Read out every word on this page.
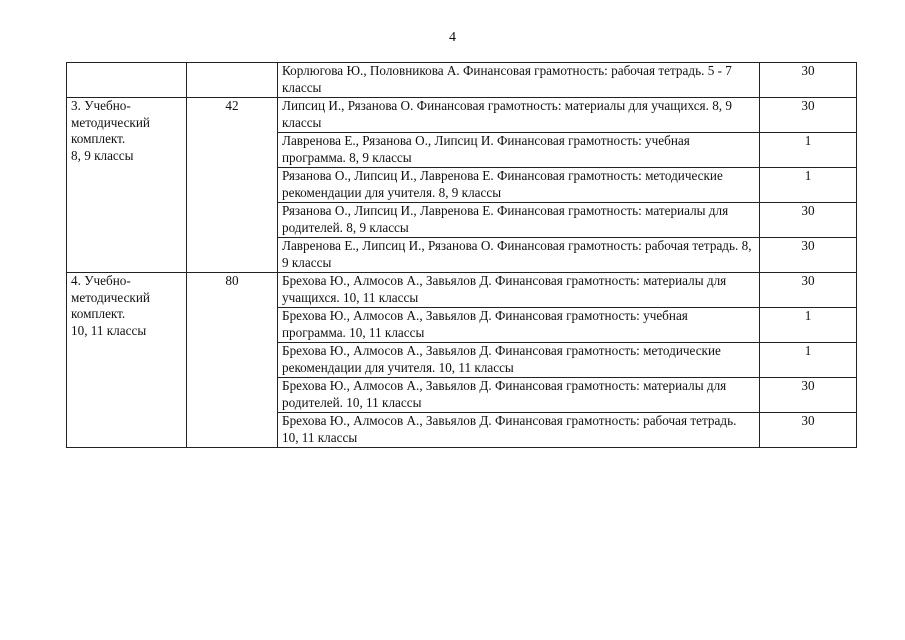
4

		Корлюгова Ю., Половникова А. Финансовая грамотность: рабочая тетрадь. 5 - 7 классы	30
3. Учебно-
методический
комплект.
8, 9 классы	42	Липсиц И., Рязанова О. Финансовая грамотность: материалы для учащихся. 8, 9 классы	30

		Лавренова Е., Рязанова О., Липсиц И. Финансовая грамотность: учебная программа. 8, 9 классы	1

		Рязанова О., Липсиц И., Лавренова Е. Финансовая грамотность: методические рекомендации для учителя. 8, 9 классы	1

		Рязанова О., Липсиц И., Лавренова Е. Финансовая грамотность: материалы для родителей. 8, 9 классы	30

		Лавренова Е., Липсиц И., Рязанова О. Финансовая грамотность: рабочая тетрадь. 8, 9 классы	30
4. Учебно-
методический
комплект.
10, 11 классы	80	Брехова Ю., Алмосов А., Завьялов Д. Финансовая грамотность: материалы для учащихся. 10, 11 классы	30

		Брехова Ю., Алмосов А., Завьялов Д. Финансовая грамотность: учебная программа. 10, 11 классы	1

		Брехова Ю., Алмосов А., Завьялов Д. Финансовая грамотность: методические рекомендации для учителя. 10, 11 классы	1

		Брехова Ю., Алмосов А., Завьялов Д. Финансовая грамотность: материалы для родителей. 10, 11 классы	30

		Брехова Ю., Алмосов А., Завьялов Д. Финансовая грамотность: рабочая тетрадь. 10, 11 классы	30
